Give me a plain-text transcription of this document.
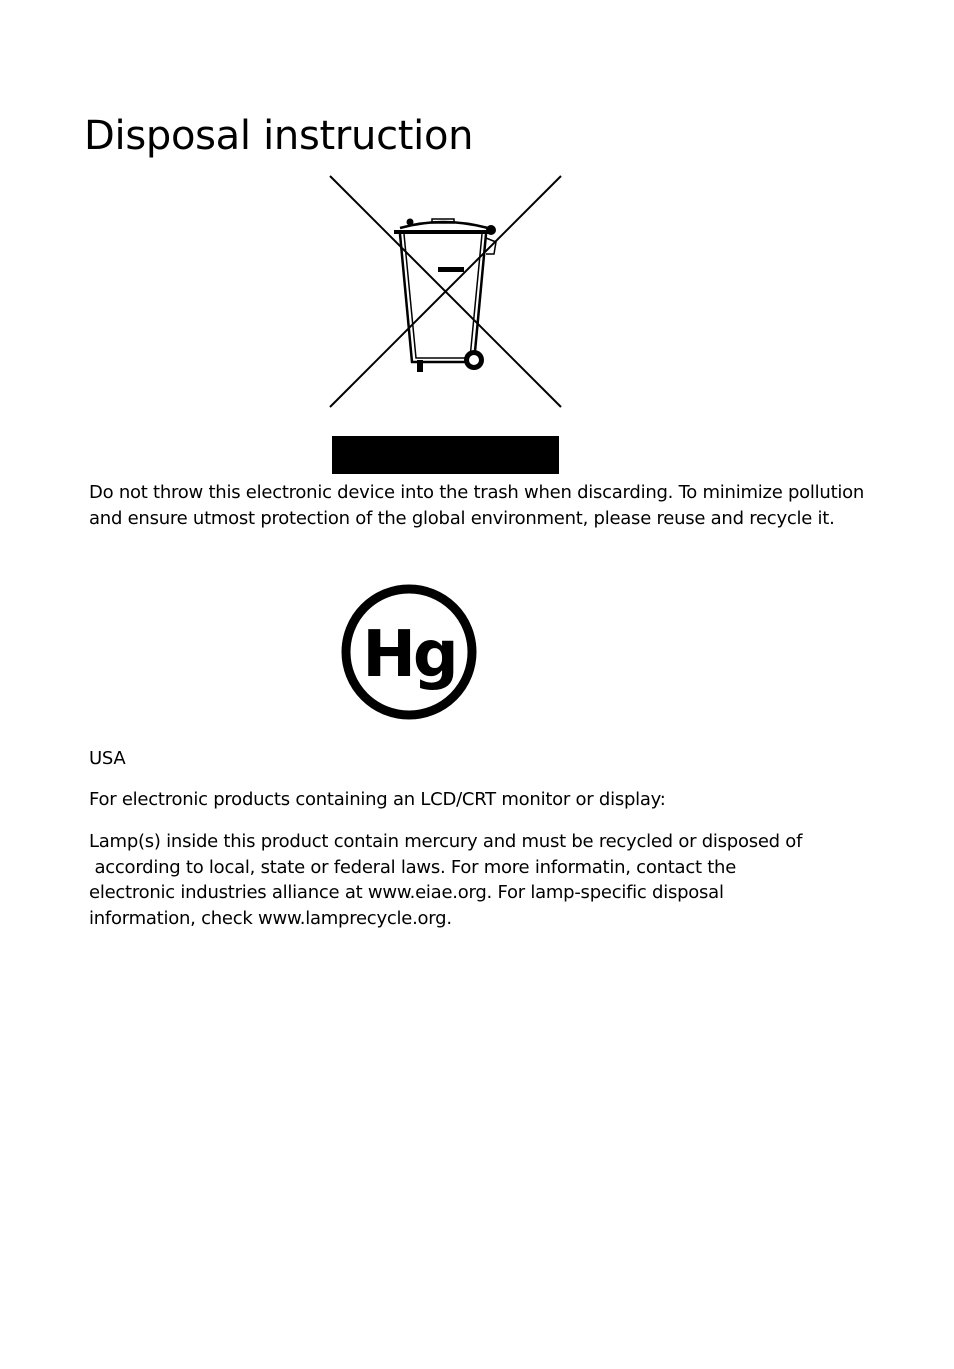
Disposal instruction

Do not throw this electronic device into the trash when discarding. To minimize pollution and ensure utmost protection of the global environment, please reuse and recycle it.

Hg

USA

For electronic products containing an LCD/CRT monitor or display:

Lamp(s) inside this product contain mercury and must be recycled or disposed of
according to local, state or federal laws. For more informatin, contact the
electronic industries alliance at www.eiae.org. For lamp-specific disposal
information, check www.lamprecycle.org.
